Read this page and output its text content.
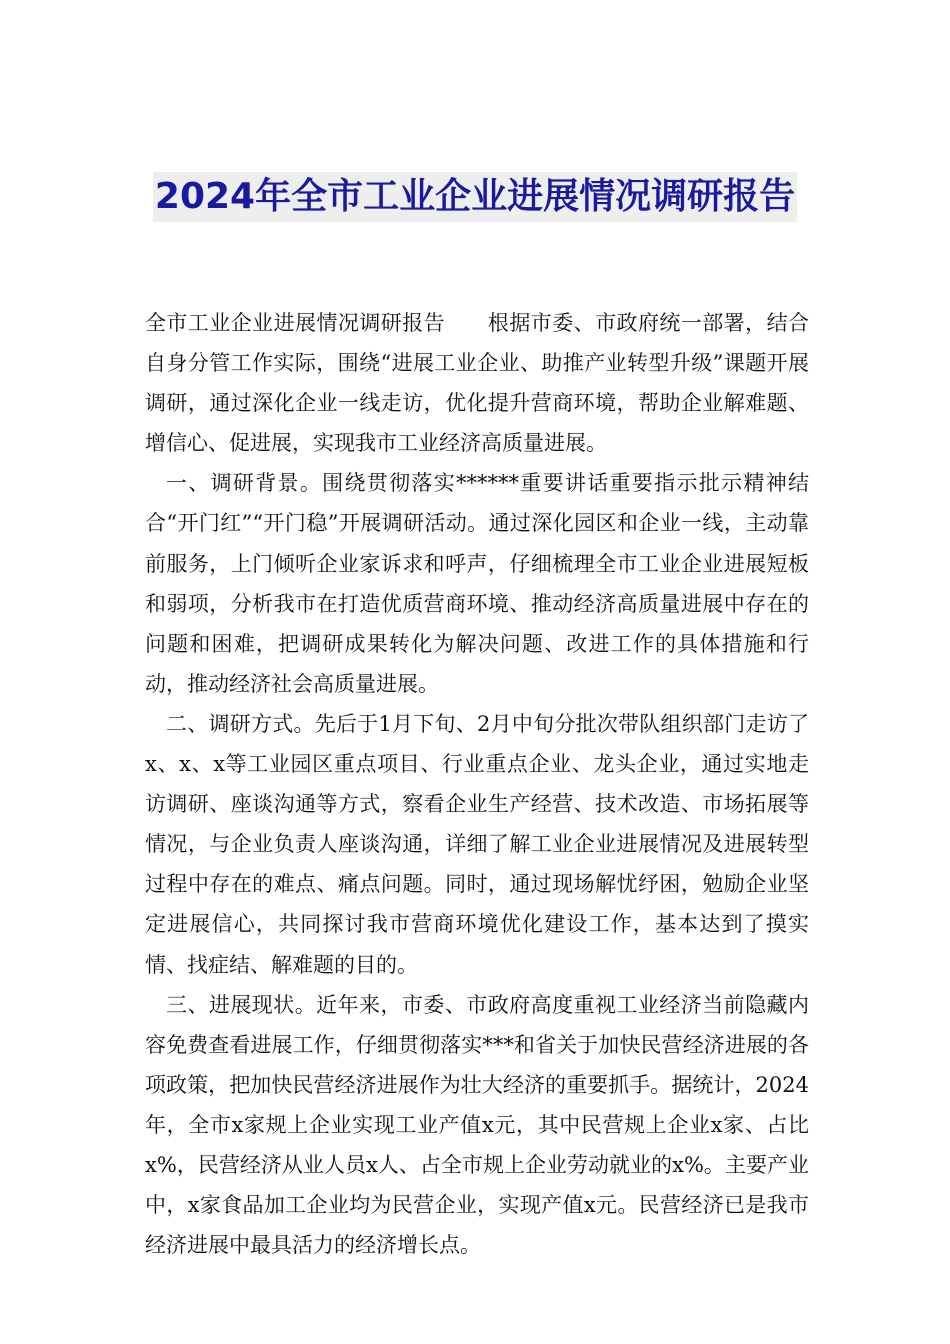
2024年全市工业企业进展情况调研报告

全市工业企业进展情况调研报告　　根据市委、市政府统一部署，结合自身分管工作实际，围绕“进展工业企业、助推产业转型升级”课题开展调研，通过深化企业一线走访，优化提升营商环境，帮助企业解难题、增信心、促进展，实现我市工业经济高质量进展。

一、调研背景。围绕贯彻落实******重要讲话重要指示批示精神结合“开门红”“开门稳”开展调研活动。通过深化园区和企业一线，主动靠前服务，上门倾听企业家诉求和呼声，仔细梳理全市工业企业进展短板和弱项，分析我市在打造优质营商环境、推动经济高质量进展中存在的问题和困难，把调研成果转化为解决问题、改进工作的具体措施和行动，推动经济社会高质量进展。

二、调研方式。先后于1月下旬、2月中旬分批次带队组织部门走访了x、x、x等工业园区重点项目、行业重点企业、龙头企业，通过实地走访调研、座谈沟通等方式，察看企业生产经营、技术改造、市场拓展等情况，与企业负责人座谈沟通，详细了解工业企业进展情况及进展转型过程中存在的难点、痛点问题。同时，通过现场解忧纾困，勉励企业坚定进展信心，共同探讨我市营商环境优化建设工作，基本达到了摸实情、找症结、解难题的目的。

三、进展现状。近年来，市委、市政府高度重视工业经济当前隐藏内容免费查看进展工作，仔细贯彻落实***和省关于加快民营经济进展的各项政策，把加快民营经济进展作为壮大经济的重要抓手。据统计，2024年，全市x家规上企业实现工业产值x元，其中民营规上企业x家、占比x%，民营经济从业人员x人、占全市规上企业劳动就业的x%。主要产业中，x家食品加工企业均为民营企业，实现产值x元。民营经济已是我市经济进展中最具活力的经济增长点。
